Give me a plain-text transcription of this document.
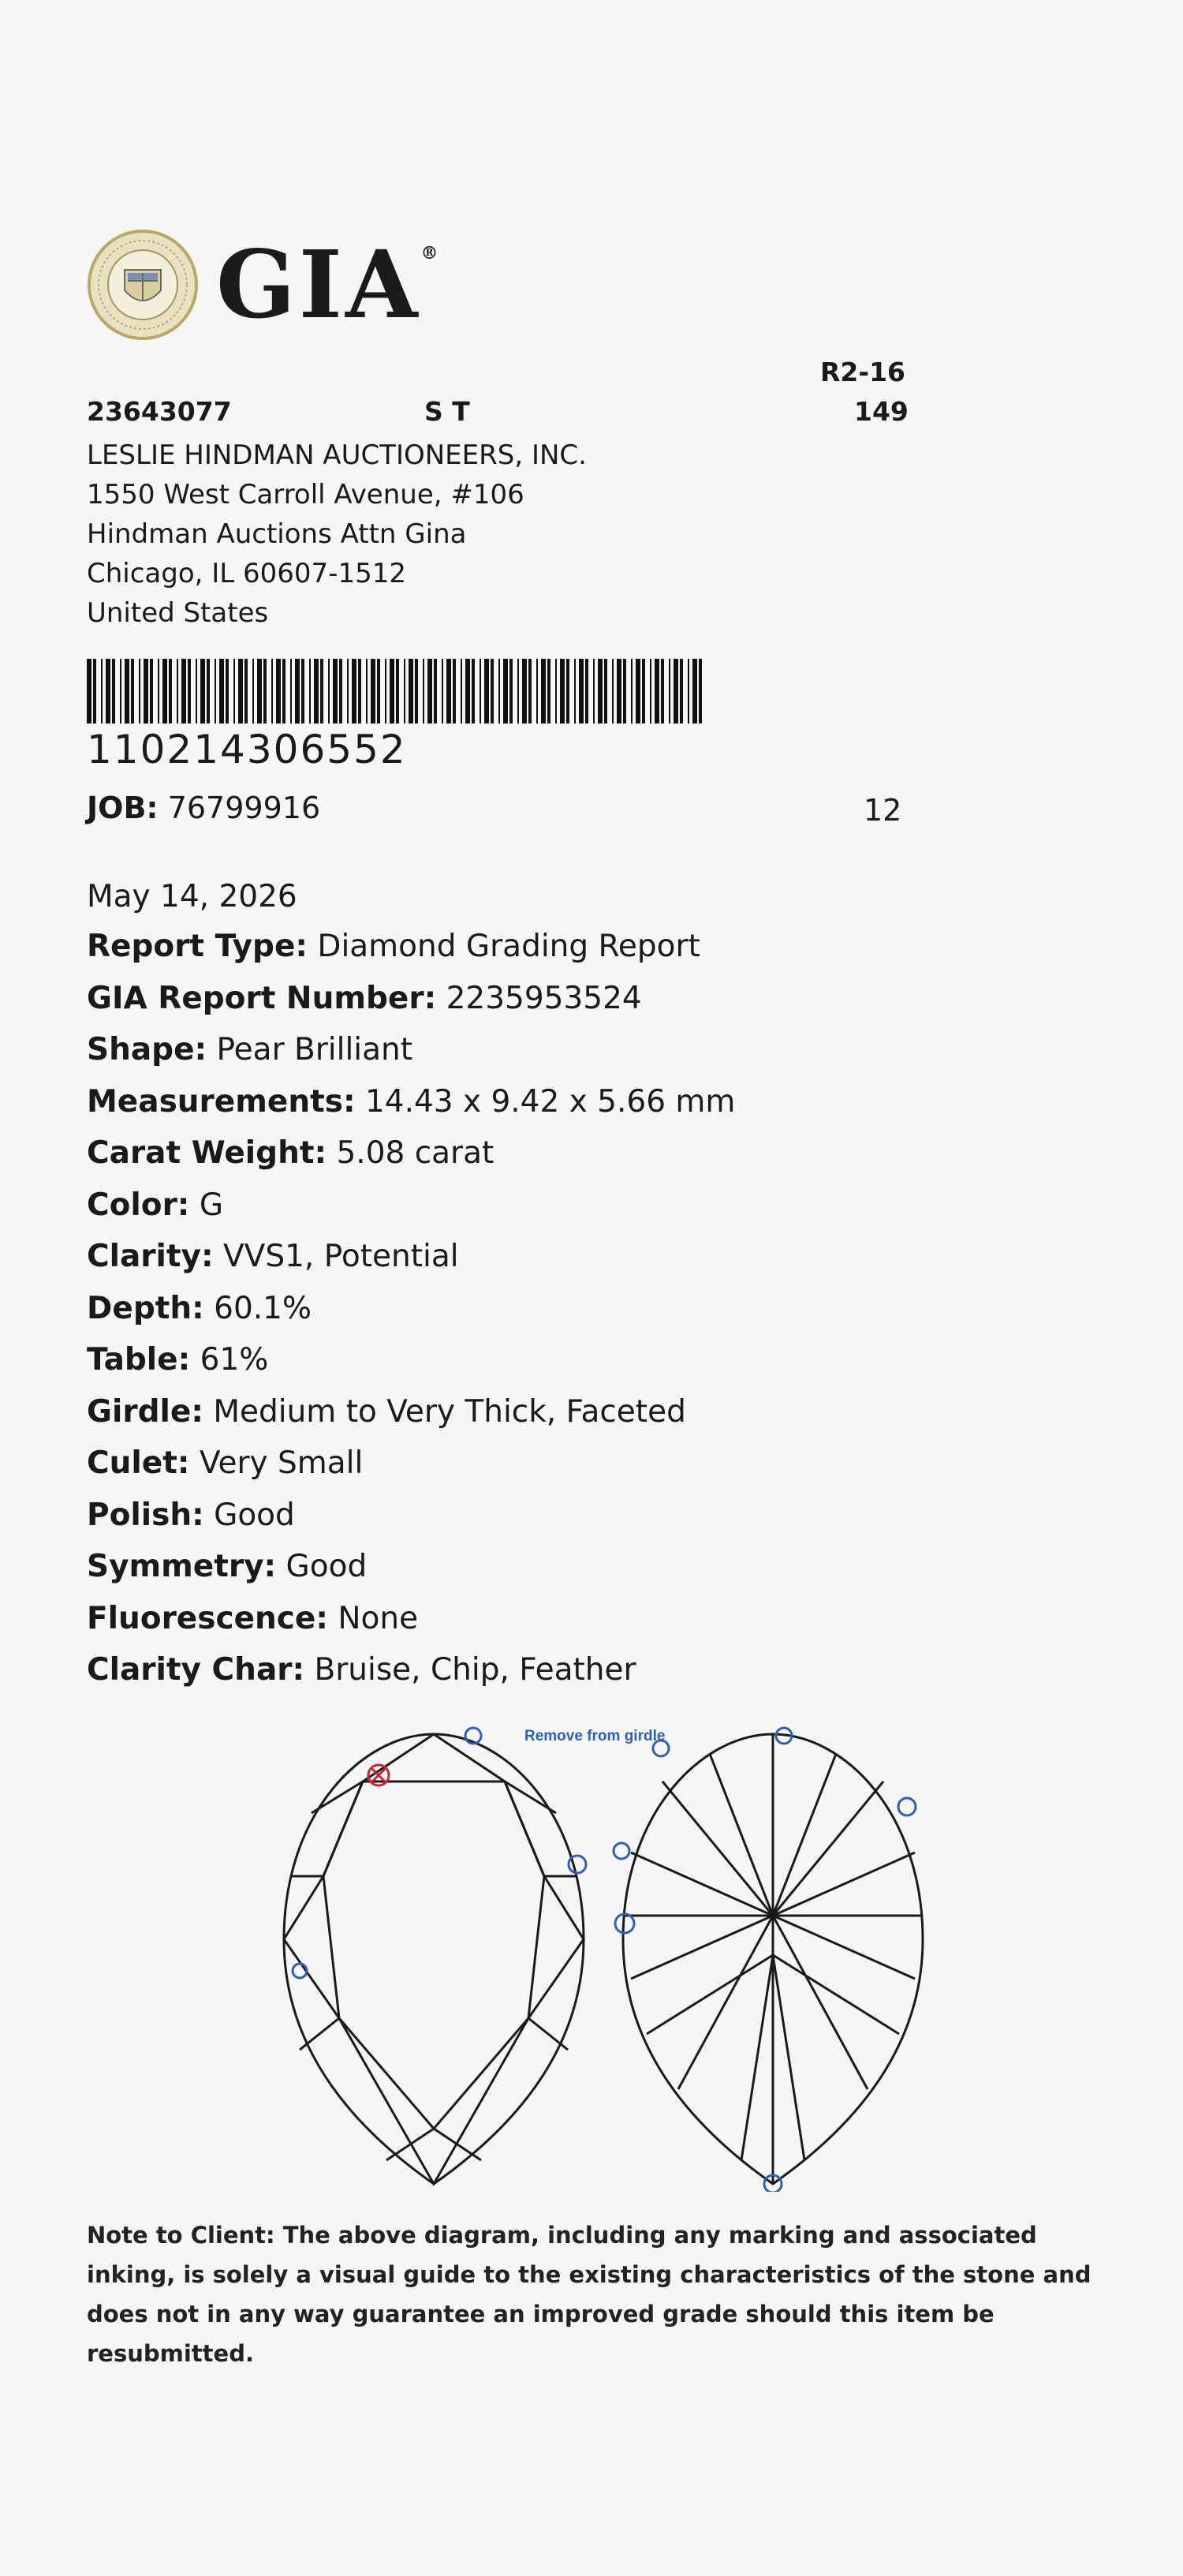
GIA®
23643077	S T
R2-16
149
LESLIE HINDMAN AUCTIONEERS, INC.
1550 West Carroll Avenue, #106
Hindman Auctions Attn Gina
Chicago, IL 60607-1512
United States
110214306552
JOB: 76799916	12
May 14, 2026
Report Type: Diamond Grading Report
GIA Report Number: 2235953524
Shape: Pear Brilliant
Measurements: 14.43 x 9.42 x 5.66 mm
Carat Weight: 5.08 carat
Color: G
Clarity: VVS1, Potential
Depth: 60.1%
Table: 61%
Girdle: Medium to Very Thick, Faceted
Culet: Very Small
Polish: Good
Symmetry: Good
Fluorescence: None
Clarity Char: Bruise, Chip, Feather
Remove from girdle
Note to Client: The above diagram, including any marking and associated inking, is solely a visual guide to the existing characteristics of the stone and does not in any way guarantee an improved grade should this item be resubmitted.
